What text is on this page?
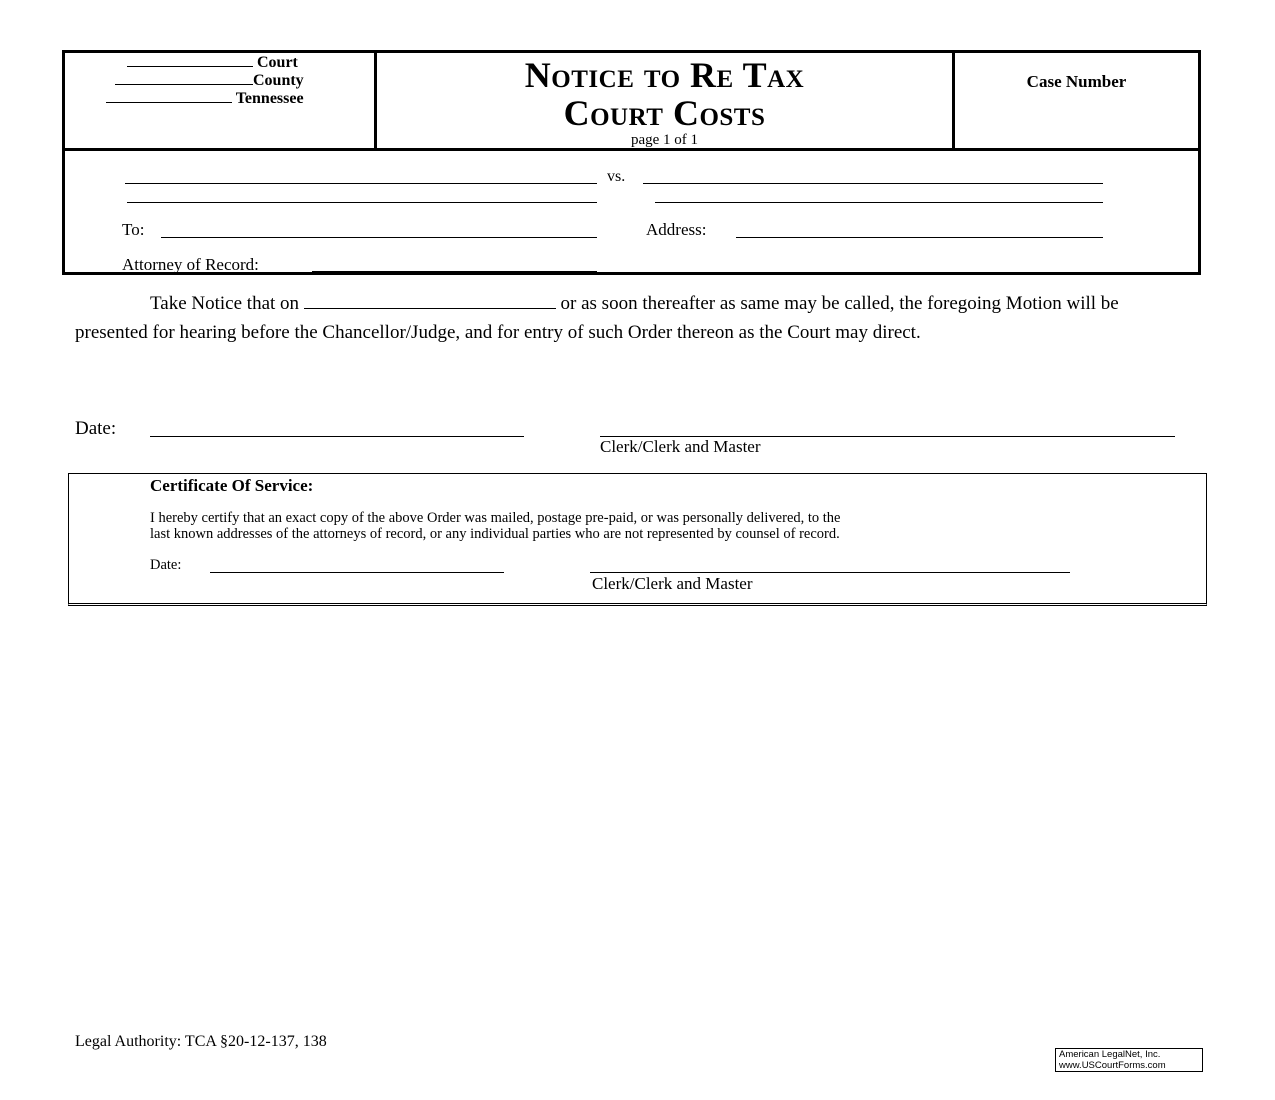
Court
County
Tennessee
Notice to Re Tax
Court Costs
page 1 of 1
Case Number
vs.
To:	Address:
Attorney of Record:
Take Notice that on	or as soon thereafter as same may be called, the foregoing Motion will be presented for hearing before the Chancellor/Judge, and for entry of such Order thereon as the Court may direct.
Date:
Clerk/Clerk and Master
Certificate Of Service:
I hereby certify that an exact copy of the above Order was mailed, postage pre-paid, or was personally delivered, to the
last known addresses of the attorneys of record, or any individual parties who are not represented by counsel of record.
Date:
Clerk/Clerk and Master
Legal Authority: TCA §20-12-137, 138
American LegalNet, Inc.
www.USCourtForms.com
